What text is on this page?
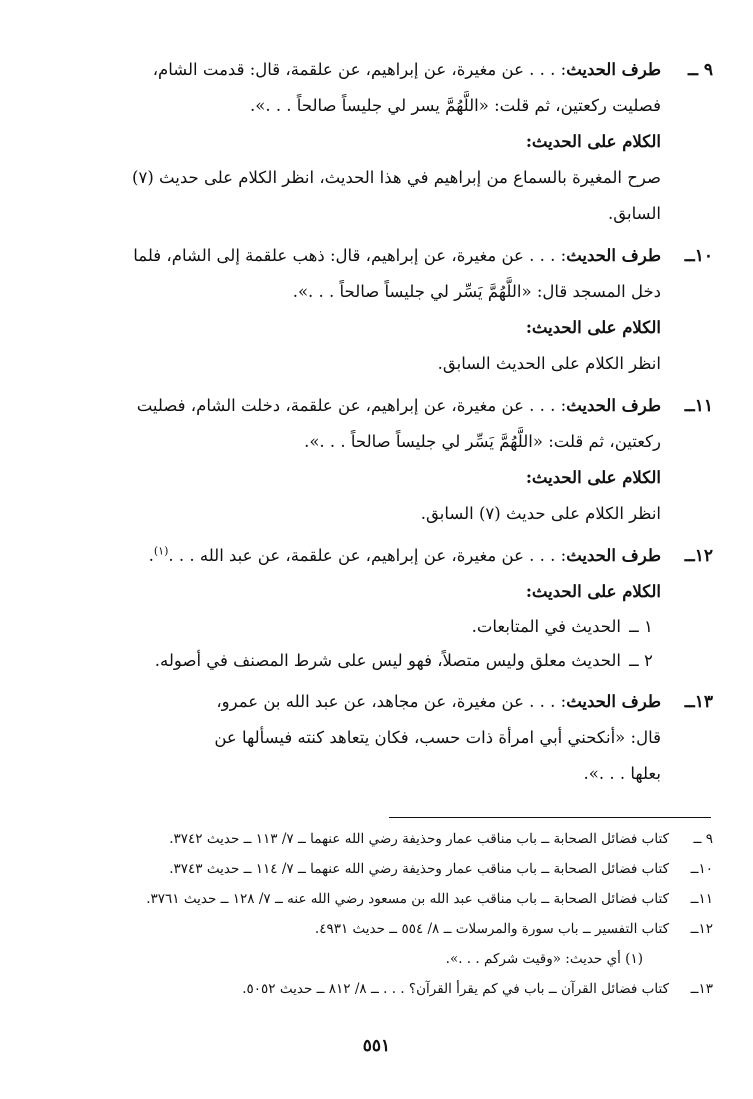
٩ ــ
طرف الحديث: . . . عن مغيرة، عن إبراهيم، عن علقمة، قال: قدمت الشام،
فصليت ركعتين، ثم قلت: «اللَّهُمَّ يسر لي جليساً صالحاً . . .».
الكلام على الحديث:
صرح المغيرة بالسماع من إبراهيم في هذا الحديث، انظر الكلام على حديث (٧)
السابق.
١٠ــ
طرف الحديث: . . . عن مغيرة، عن إبراهيم، قال: ذهب علقمة إلى الشام، فلما
دخل المسجد قال: «اللَّهُمَّ يَسِّر لي جليساً صالحاً . . .».
الكلام على الحديث:
انظر الكلام على الحديث السابق.
١١ــ
طرف الحديث: . . . عن مغيرة، عن إبراهيم، عن علقمة، دخلت الشام، فصليت
ركعتين، ثم قلت: «اللَّهُمَّ يَسِّر لي جليساً صالحاً . . .».
الكلام على الحديث:
انظر الكلام على حديث (٧) السابق.
١٢ــ
طرف الحديث: . . . عن مغيرة، عن إبراهيم، عن علقمة، عن عبد الله . . .$^{(١)}$.
الكلام على الحديث:
١ ــالحديث في المتابعات.
٢ ــالحديث معلق وليس متصلاً، فهو ليس على شرط المصنف في أصوله.
١٣ــ
طرف الحديث: . . . عن مغيرة، عن مجاهد، عن عبد الله بن عمرو،
قال: «أنكحني أبي امرأة ذات حسب، فكان يتعاهد كنته فيسألها عن
بعلها . . .».
٩ ــكتاب فضائل الصحابة ــ باب مناقب عمار وحذيفة رضي الله عنهما ــ ٧/ ١١٣ ــ حديث ٣٧٤٢.
١٠ــكتاب فضائل الصحابة ــ باب مناقب عمار وحذيفة رضي الله عنهما ــ ٧/ ١١٤ ــ حديث ٣٧٤٣.
١١ــكتاب فضائل الصحابة ــ باب مناقب عبد الله بن مسعود رضي الله عنه ــ ٧/ ١٢٨ ــ حديث ٣٧٦١.
١٢ــكتاب التفسير ــ باب سورة والمرسلات ــ ٨/ ٥٥٤ ــ حديث ٤٩٣١.
(١) أي حديث: «وقيت شركم . . .».
١٣ــكتاب فضائل القرآن ــ باب في كم يقرأ القرآن؟ . . . ــ ٨/ ٨١٢ ــ حديث ٥٠٥٢.
٥٥١
